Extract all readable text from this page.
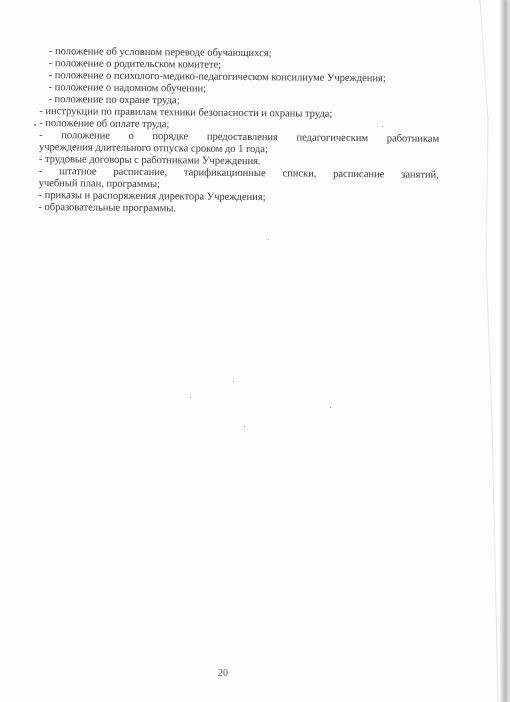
- положение об условном переводе обучающихся;
- положение о родительском комитете;
- положение о психолого-медико-педагогическом консилиуме Учреждения;
- положение о надомном обучении;
- положение по охране труда;
- инструкции по правилам техники безопасности и охраны труда;
- положение об оплате труда;
- положение о порядке предоставления педагогическим работникам
учреждения длительного отпуска сроком до 1 года;
- трудовые договоры с работниками Учреждения.
- штатное расписание, тарификационные списки, расписание занятий,
учебный план, программы;
- приказы и распоряжения директора Учреждения;
- образовательные программы.
20
